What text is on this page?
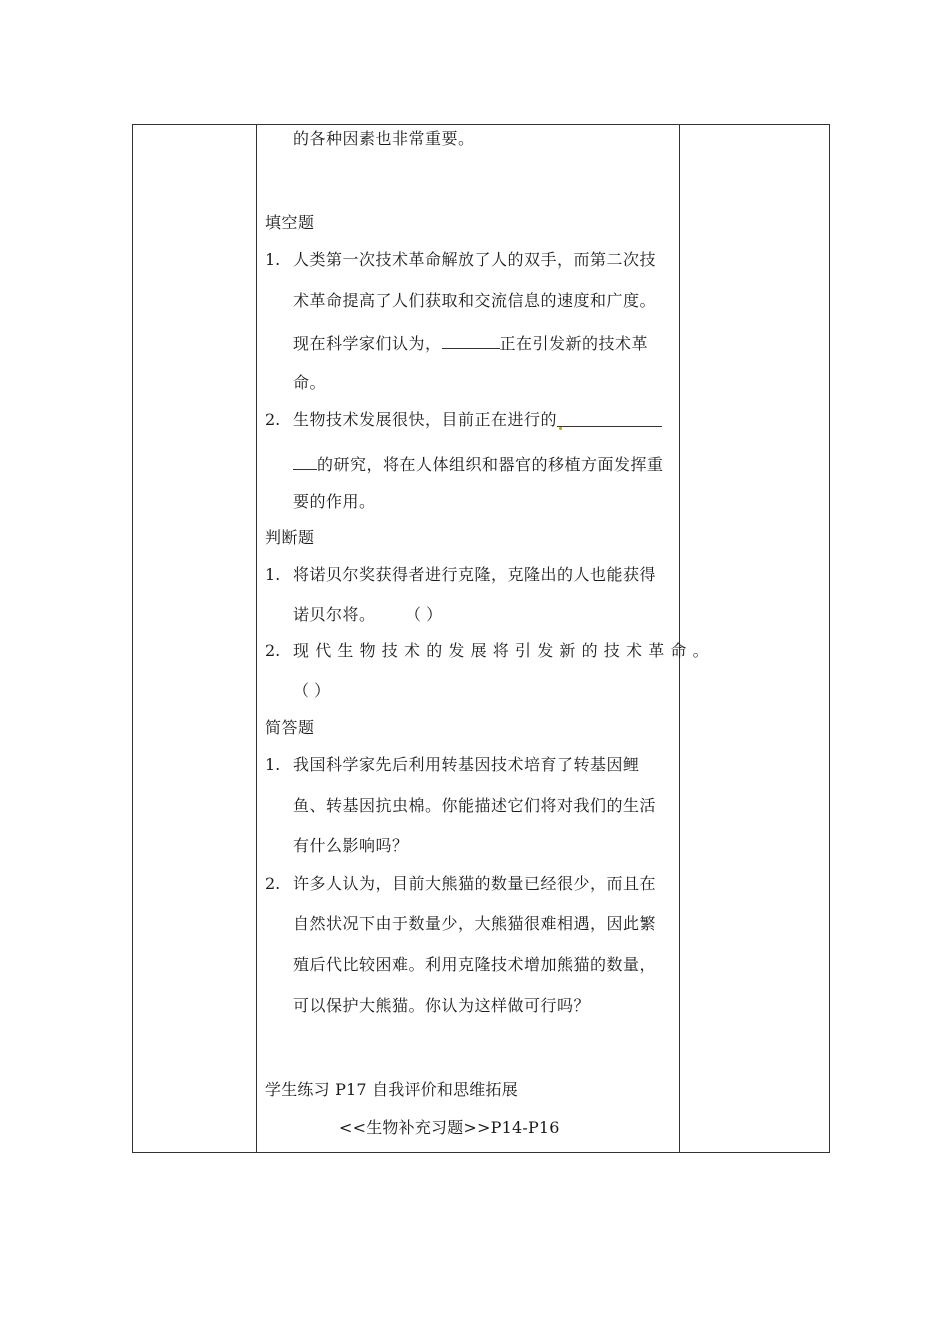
的各种因素也非常重要。
填空题
1. 人类第一次技术革命解放了人的双手，而第二次技
术革命提高了人们获取和交流信息的速度和广度。
现在科学家们认为，	正在引发新的技术革
命。
2. 生物技术发展很快，目前正在进行的
的研究，将在人体组织和器官的移植方面发挥重
要的作用。
判断题
1. 将诺贝尔奖获得者进行克隆，克隆出的人也能获得
诺贝尔将。 （ ）
2. 现代生物技术的发展将引发新的技术革命。
（ ）
简答题
1. 我国科学家先后利用转基因技术培育了转基因鲤
鱼、转基因抗虫棉。你能描述它们将对我们的生活
有什么影响吗？
2. 许多人认为，目前大熊猫的数量已经很少，而且在
自然状况下由于数量少，大熊猫很难相遇，因此繁
殖后代比较困难。利用克隆技术增加熊猫的数量，
可以保护大熊猫。你认为这样做可行吗？
学生练习 P17 自我评价和思维拓展
<<生物补充习题>>P14-P16
